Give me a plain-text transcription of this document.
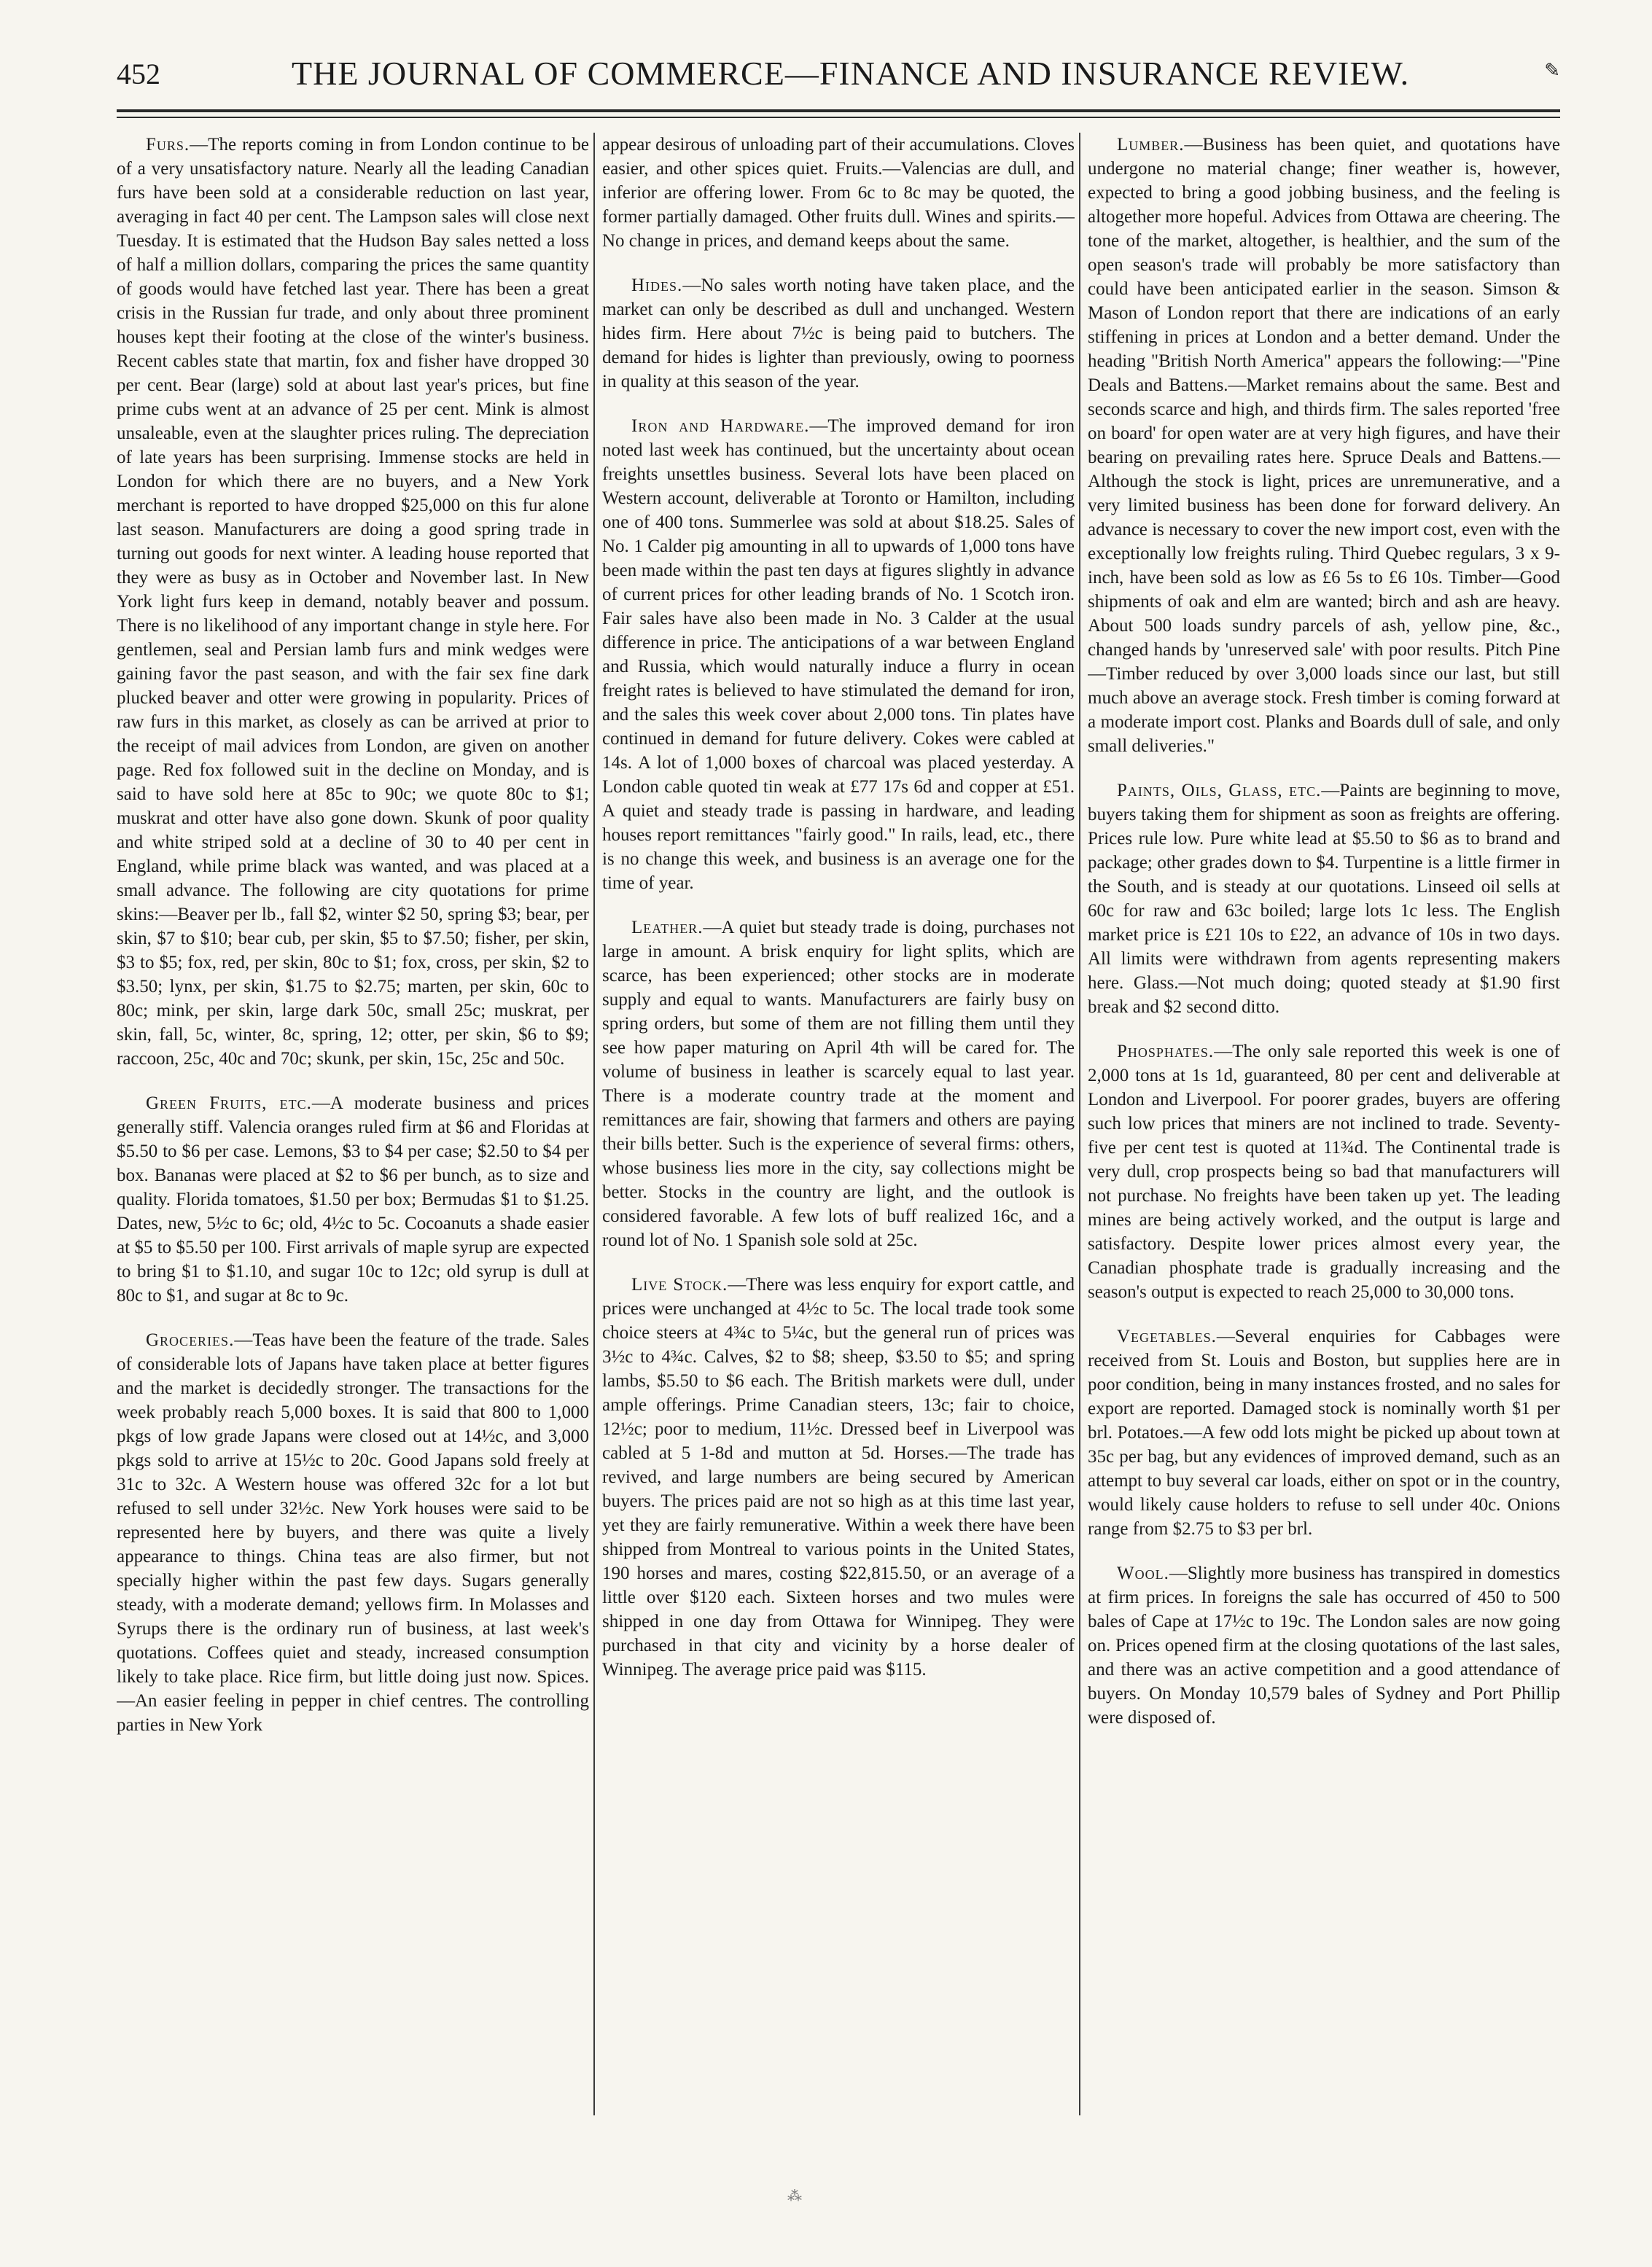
452	THE JOURNAL OF COMMERCE—FINANCE AND INSURANCE REVIEW.	✎

Furs.—The reports coming in from London continue to be of a very unsatisfactory nature. Nearly all the leading Canadian furs have been sold at a considerable reduction on last year, averaging in fact 40 per cent. The Lampson sales will close next Tuesday. It is estimated that the Hudson Bay sales netted a loss of half a million dollars, comparing the prices the same quantity of goods would have fetched last year. There has been a great crisis in the Russian fur trade, and only about three prominent houses kept their footing at the close of the winter's business. Recent cables state that martin, fox and fisher have dropped 30 per cent. Bear (large) sold at about last year's prices, but fine prime cubs went at an advance of 25 per cent. Mink is almost unsaleable, even at the slaughter prices ruling. The depreciation of late years has been surprising. Immense stocks are held in London for which there are no buyers, and a New York merchant is reported to have dropped $25,000 on this fur alone last season. Manufacturers are doing a good spring trade in turning out goods for next winter. A leading house reported that they were as busy as in October and November last. In New York light furs keep in demand, notably beaver and possum. There is no likelihood of any important change in style here. For gentlemen, seal and Persian lamb furs and mink wedges were gaining favor the past season, and with the fair sex fine dark plucked beaver and otter were growing in popularity. Prices of raw furs in this market, as closely as can be arrived at prior to the receipt of mail advices from London, are given on another page. Red fox followed suit in the decline on Monday, and is said to have sold here at 85c to 90c; we quote 80c to $1; muskrat and otter have also gone down. Skunk of poor quality and white striped sold at a decline of 30 to 40 per cent in England, while prime black was wanted, and was placed at a small advance. The following are city quotations for prime skins:—Beaver per lb., fall $2, winter $2 50, spring $3; bear, per skin, $7 to $10; bear cub, per skin, $5 to $7.50; fisher, per skin, $3 to $5; fox, red, per skin, 80c to $1; fox, cross, per skin, $2 to $3.50; lynx, per skin, $1.75 to $2.75; marten, per skin, 60c to 80c; mink, per skin, large dark 50c, small 25c; muskrat, per skin, fall, 5c, winter, 8c, spring, 12; otter, per skin, $6 to $9; raccoon, 25c, 40c and 70c; skunk, per skin, 15c, 25c and 50c.

Green Fruits, etc.—A moderate business and prices generally stiff. Valencia oranges ruled firm at $6 and Floridas at $5.50 to $6 per case. Lemons, $3 to $4 per case; $2.50 to $4 per box. Bananas were placed at $2 to $6 per bunch, as to size and quality. Florida tomatoes, $1.50 per box; Bermudas $1 to $1.25. Dates, new, 5½c to 6c; old, 4½c to 5c. Cocoanuts a shade easier at $5 to $5.50 per 100. First arrivals of maple syrup are expected to bring $1 to $1.10, and sugar 10c to 12c; old syrup is dull at 80c to $1, and sugar at 8c to 9c.

Groceries.—Teas have been the feature of the trade. Sales of considerable lots of Japans have taken place at better figures and the market is decidedly stronger. The transactions for the week probably reach 5,000 boxes. It is said that 800 to 1,000 pkgs of low grade Japans were closed out at 14½c, and 3,000 pkgs sold to arrive at 15½c to 20c. Good Japans sold freely at 31c to 32c. A Western house was offered 32c for a lot but refused to sell under 32½c. New York houses were said to be represented here by buyers, and there was quite a lively appearance to things. China teas are also firmer, but not specially higher within the past few days. Sugars generally steady, with a moderate demand; yellows firm. In Molasses and Syrups there is the ordinary run of business, at last week's quotations. Coffees quiet and steady, increased consumption likely to take place. Rice firm, but little doing just now. Spices.—An easier feeling in pepper in chief centres. The controlling parties in New York

appear desirous of unloading part of their accumulations. Cloves easier, and other spices quiet. Fruits.—Valencias are dull, and inferior are offering lower. From 6c to 8c may be quoted, the former partially damaged. Other fruits dull. Wines and spirits.—No change in prices, and demand keeps about the same.

Hides.—No sales worth noting have taken place, and the market can only be described as dull and unchanged. Western hides firm. Here about 7½c is being paid to butchers. The demand for hides is lighter than previously, owing to poorness in quality at this season of the year.

Iron and Hardware.—The improved demand for iron noted last week has continued, but the uncertainty about ocean freights unsettles business. Several lots have been placed on Western account, deliverable at Toronto or Hamilton, including one of 400 tons. Summerlee was sold at about $18.25. Sales of No. 1 Calder pig amounting in all to upwards of 1,000 tons have been made within the past ten days at figures slightly in advance of current prices for other leading brands of No. 1 Scotch iron. Fair sales have also been made in No. 3 Calder at the usual difference in price. The anticipations of a war between England and Russia, which would naturally induce a flurry in ocean freight rates is believed to have stimulated the demand for iron, and the sales this week cover about 2,000 tons. Tin plates have continued in demand for future delivery. Cokes were cabled at 14s. A lot of 1,000 boxes of charcoal was placed yesterday. A London cable quoted tin weak at £77 17s 6d and copper at £51. A quiet and steady trade is passing in hardware, and leading houses report remittances "fairly good." In rails, lead, etc., there is no change this week, and business is an average one for the time of year.

Leather.—A quiet but steady trade is doing, purchases not large in amount. A brisk enquiry for light splits, which are scarce, has been experienced; other stocks are in moderate supply and equal to wants. Manufacturers are fairly busy on spring orders, but some of them are not filling them until they see how paper maturing on April 4th will be cared for. The volume of business in leather is scarcely equal to last year. There is a moderate country trade at the moment and remittances are fair, showing that farmers and others are paying their bills better. Such is the experience of several firms: others, whose business lies more in the city, say collections might be better. Stocks in the country are light, and the outlook is considered favorable. A few lots of buff realized 16c, and a round lot of No. 1 Spanish sole sold at 25c.

Live Stock.—There was less enquiry for export cattle, and prices were unchanged at 4½c to 5c. The local trade took some choice steers at 4¾c to 5¼c, but the general run of prices was 3½c to 4¾c. Calves, $2 to $8; sheep, $3.50 to $5; and spring lambs, $5.50 to $6 each. The British markets were dull, under ample offerings. Prime Canadian steers, 13c; fair to choice, 12½c; poor to medium, 11½c. Dressed beef in Liverpool was cabled at 5 1-8d and mutton at 5d. Horses.—The trade has revived, and large numbers are being secured by American buyers. The prices paid are not so high as at this time last year, yet they are fairly remunerative. Within a week there have been shipped from Montreal to various points in the United States, 190 horses and mares, costing $22,815.50, or an average of a little over $120 each. Sixteen horses and two mules were shipped in one day from Ottawa for Winnipeg. They were purchased in that city and vicinity by a horse dealer of Winnipeg. The average price paid was $115.

Lumber.—Business has been quiet, and quotations have undergone no material change; finer weather is, however, expected to bring a good jobbing business, and the feeling is altogether more hopeful. Advices from Ottawa are cheering. The tone of the market, altogether, is healthier, and the sum of the open season's trade will probably be more satisfactory than could have been anticipated earlier in the season. Simson & Mason of London report that there are indications of an early stiffening in prices at London and a better demand. Under the heading "British North America" appears the following:—"Pine Deals and Battens.—Market remains about the same. Best and seconds scarce and high, and thirds firm. The sales reported 'free on board' for open water are at very high figures, and have their bearing on prevailing rates here. Spruce Deals and Battens.—Although the stock is light, prices are unremunerative, and a very limited business has been done for forward delivery. An advance is necessary to cover the new import cost, even with the exceptionally low freights ruling. Third Quebec regulars, 3 x 9-inch, have been sold as low as £6 5s to £6 10s. Timber—Good shipments of oak and elm are wanted; birch and ash are heavy. About 500 loads sundry parcels of ash, yellow pine, &c., changed hands by 'unreserved sale' with poor results. Pitch Pine—Timber reduced by over 3,000 loads since our last, but still much above an average stock. Fresh timber is coming forward at a moderate import cost. Planks and Boards dull of sale, and only small deliveries."

Paints, Oils, Glass, etc.—Paints are beginning to move, buyers taking them for shipment as soon as freights are offering. Prices rule low. Pure white lead at $5.50 to $6 as to brand and package; other grades down to $4. Turpentine is a little firmer in the South, and is steady at our quotations. Linseed oil sells at 60c for raw and 63c boiled; large lots 1c less. The English market price is £21 10s to £22, an advance of 10s in two days. All limits were withdrawn from agents representing makers here. Glass.—Not much doing; quoted steady at $1.90 first break and $2 second ditto.

Phosphates.—The only sale reported this week is one of 2,000 tons at 1s 1d, guaranteed, 80 per cent and deliverable at London and Liverpool. For poorer grades, buyers are offering such low prices that miners are not inclined to trade. Seventy-five per cent test is quoted at 11¾d. The Continental trade is very dull, crop prospects being so bad that manufacturers will not purchase. No freights have been taken up yet. The leading mines are being actively worked, and the output is large and satisfactory. Despite lower prices almost every year, the Canadian phosphate trade is gradually increasing and the season's output is expected to reach 25,000 to 30,000 tons.

Vegetables.—Several enquiries for Cabbages were received from St. Louis and Boston, but supplies here are in poor condition, being in many instances frosted, and no sales for export are reported. Damaged stock is nominally worth $1 per brl. Potatoes.—A few odd lots might be picked up about town at 35c per bag, but any evidences of improved demand, such as an attempt to buy several car loads, either on spot or in the country, would likely cause holders to refuse to sell under 40c. Onions range from $2.75 to $3 per brl.

Wool.—Slightly more business has transpired in domestics at firm prices. In foreigns the sale has occurred of 450 to 500 bales of Cape at 17½c to 19c. The London sales are now going on. Prices opened firm at the closing quotations of the last sales, and there was an active competition and a good attendance of buyers. On Monday 10,579 bales of Sydney and Port Phillip were disposed of.

⁂
